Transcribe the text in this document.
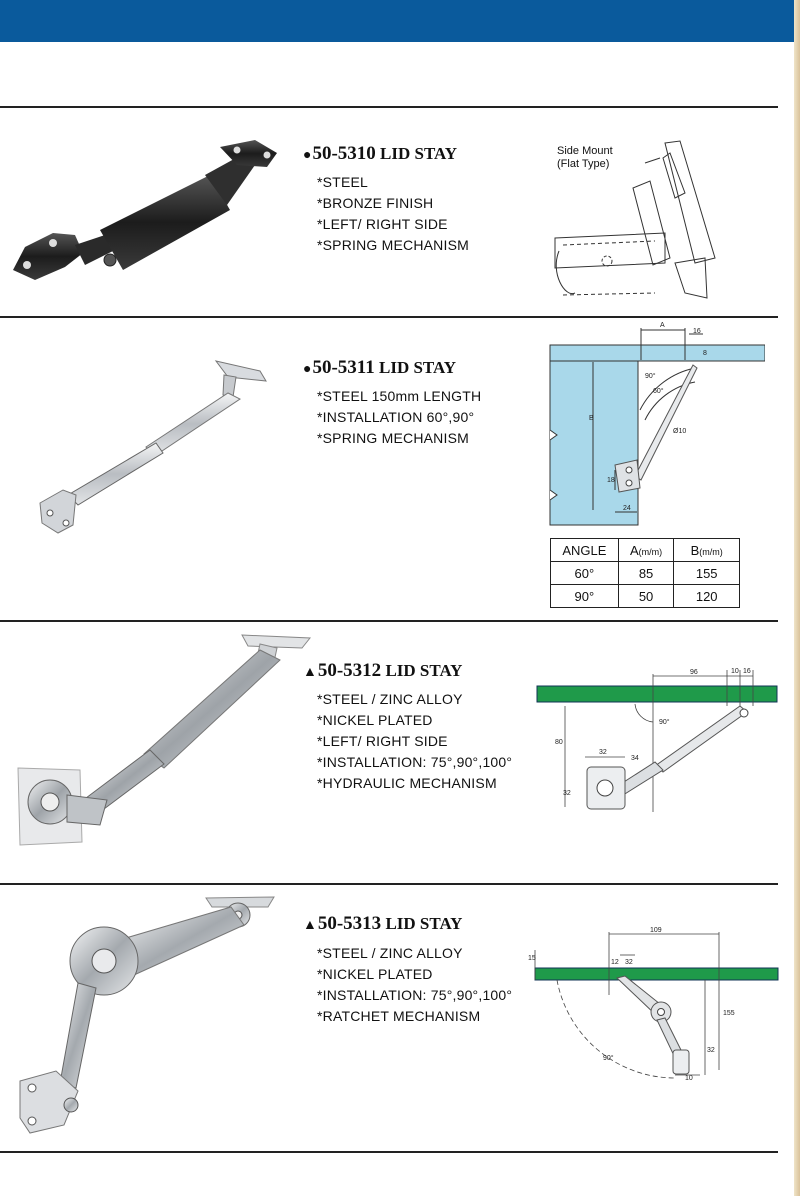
●50-5310 LID STAY
*STEEL
*BRONZE FINISH
*LEFT/ RIGHT SIDE
*SPRING MECHANISM
Side Mount
(Flat Type)
●50-5311 LID STAY
*STEEL 150mm LENGTH
*INSTALLATION 60°,90°
*SPRING MECHANISM
A
16
8
90°
60°
Ø10
B
18
24
ANGLE	A(m/m)	B(m/m)
60°	85	155
90°	50	120
▲50-5312 LID STAY
*STEEL / ZINC ALLOY
*NICKEL PLATED
*LEFT/ RIGHT SIDE
*INSTALLATION: 75°,90°,100°
*HYDRAULIC MECHANISM
96	10 16
90°
80
32
34
32
▲50-5313 LID STAY
*STEEL / ZINC ALLOY
*NICKEL PLATED
*INSTALLATION: 75°,90°,100°
*RATCHET MECHANISM
15
109
12 32
155
32
10
90°
